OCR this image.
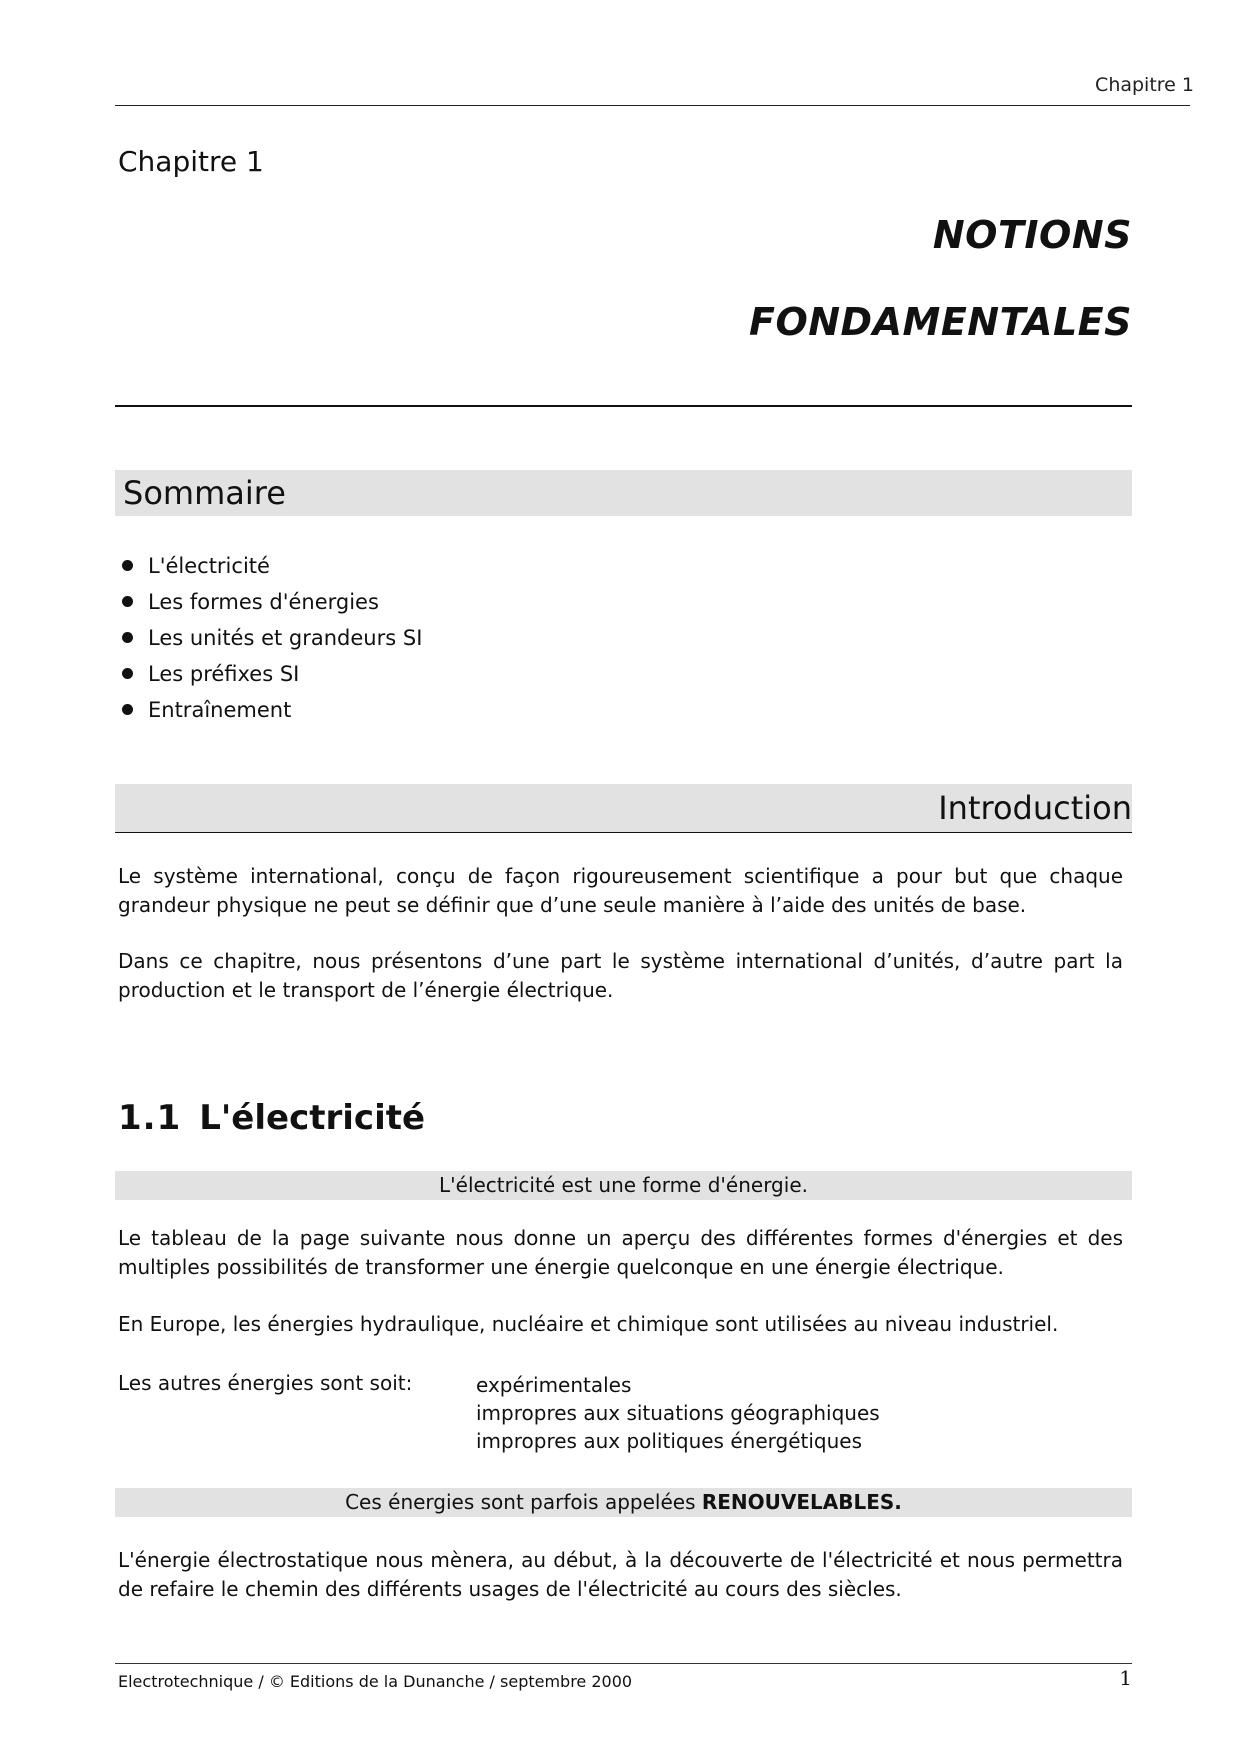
Chapitre 1
Chapitre 1
NOTIONS
FONDAMENTALES
Sommaire
L'électricité
Les formes d'énergies
Les unités et grandeurs SI
Les préfixes SI
Entraînement
Introduction

Le système international, conçu de façon rigoureusement scientifique a pour but que chaque grandeur physique ne peut se définir que d’une seule manière à l’aide des unités de base.

Dans ce chapitre, nous présentons d’une part le système international d’unités, d’autre part la production et le transport de l’énergie électrique.

1.1 L'électricité
L'électricité est une forme d'énergie.

Le tableau de la page suivante nous donne un aperçu des différentes formes d'énergies et des multiples possibilités de transformer une énergie quelconque en une énergie électrique.

En Europe, les énergies hydraulique, nucléaire et chimique sont utilisées au niveau industriel.

Les autres énergies sont soit:	expérimentales
impropres aux situations géographiques
impropres aux politiques énergétiques
Ces énergies sont parfois appelées RENOUVELABLES.

L'énergie électrostatique nous mènera, au début, à la découverte de l'électricité et nous permettra de refaire le chemin des différents usages de l'électricité au cours des siècles.

Electrotechnique / © Editions de la Dunanche / septembre 2000	1
